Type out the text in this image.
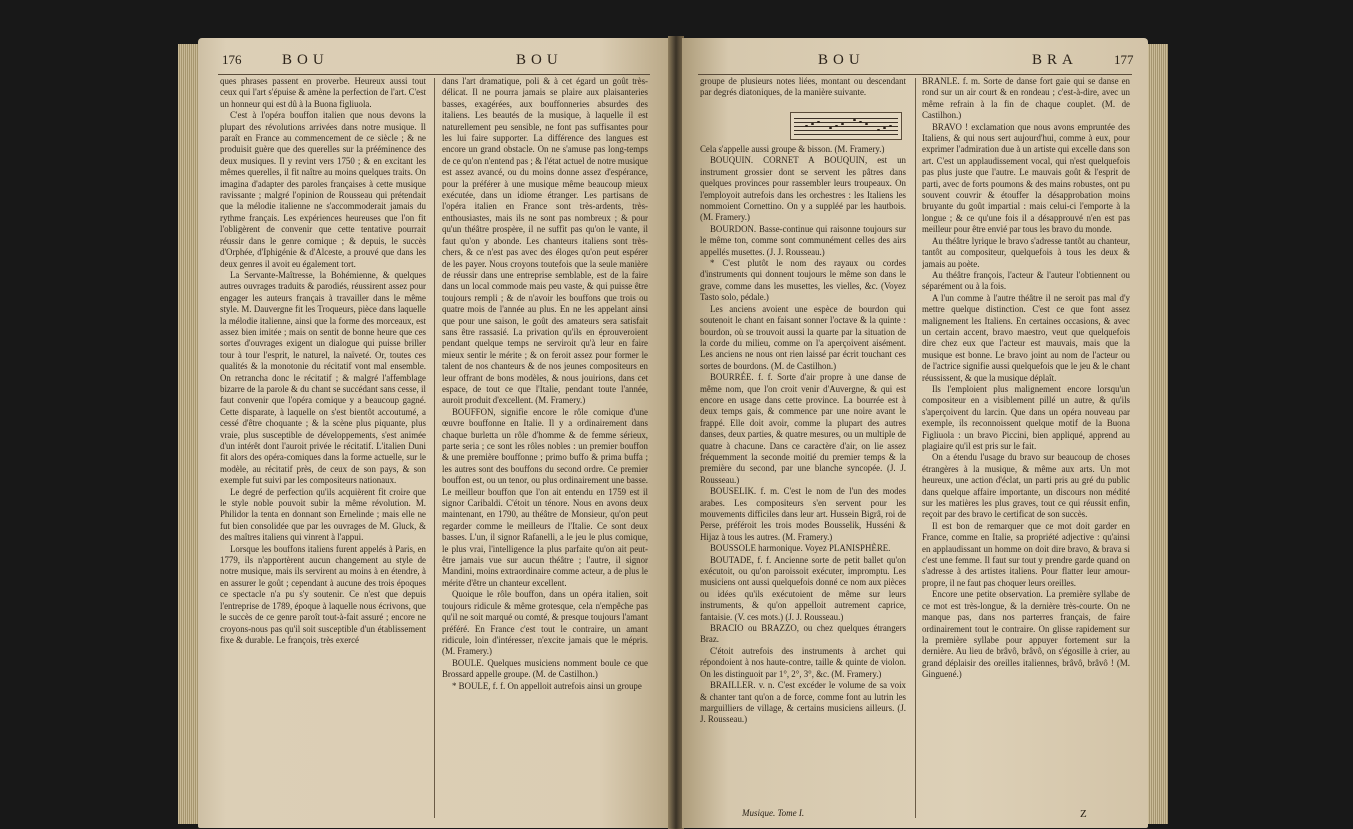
176	BOU	BOU

ques phrases passent en proverbe. Heureux aussi tout ceux qui l'art s'épuise & amène la perfection de l'art. C'est un honneur qui est dû à la Buona figliuola.

C'est à l'opéra bouffon italien que nous devons la plupart des révolutions arrivées dans notre musique. Il paraît en France au commencement de ce siècle ; & ne produisit guère que des querelles sur la prééminence des deux musiques. Il y revint vers 1750 ; & en excitant les mêmes querelles, il fit naître au moins quelques traits. On imagina d'adapter des paroles françaises à cette musique ravissante ; malgré l'opinion de Rousseau qui prétendait que la mélodie italienne ne s'accommoderait jamais du rythme français. Les expériences heureuses que l'on fit l'obligèrent de convenir que cette tentative pourrait réussir dans le genre comique ; & depuis, le succès d'Orphée, d'Iphigénie & d'Alceste, a prouvé que dans les deux genres il avoit eu également tort.

La Servante-Maîtresse, la Bohémienne, & quelques autres ouvrages traduits & parodiés, réussirent assez pour engager les auteurs français à travailler dans le même style. M. Dauvergne fit les Troqueurs, pièce dans laquelle la mélodie italienne, ainsi que la forme des morceaux, est assez bien imitée ; mais on sentit de bonne heure que ces sortes d'ouvrages exigent un dialogue qui puisse briller tour à tour l'esprit, le naturel, la naïveté. Or, toutes ces qualités & la monotonie du récitatif vont mal ensemble. On retrancha donc le récitatif ; & malgré l'affemblage bizarre de la parole & du chant se succédant sans cesse, il faut convenir que l'opéra comique y a beaucoup gagné. Cette disparate, à laquelle on s'est bientôt accoutumé, a cessé d'être choquante ; & la scène plus piquante, plus vraie, plus susceptible de développements, s'est animée d'un intérêt dont l'auroit privée le récitatif. L'italien Duni fit alors des opéra-comiques dans la forme actuelle, sur le modèle, au récitatif près, de ceux de son pays, & son exemple fut suivi par les compositeurs nationaux.

Le degré de perfection qu'ils acquièrent fit croire que le style noble pouvoit subir la même révolution. M. Philidor la tenta en donnant son Ernelinde ; mais elle ne fut bien consolidée que par les ouvrages de M. Gluck, & des maîtres italiens qui vinrent à l'appui.

Lorsque les bouffons italiens furent appelés à Paris, en 1779, ils n'apportèrent aucun changement au style de notre musique, mais ils servirent au moins à en étendre, à en assurer le goût ; cependant à aucune des trois époques ce spectacle n'a pu s'y soutenir. Ce n'est que depuis l'entreprise de 1789, époque à laquelle nous écrivons, que le succès de ce genre paroît tout-à-fait assuré ; encore ne croyons-nous pas qu'il soit susceptible d'un établissement fixe & durable. Le françois, très exercé

dans l'art dramatique, poli & à cet égard un goût très-délicat. Il ne pourra jamais se plaire aux plaisanteries basses, exagérées, aux bouffonneries absurdes des italiens. Les beautés de la musique, à laquelle il est naturellement peu sensible, ne font pas suffisantes pour les lui faire supporter. La différence des langues est encore un grand obstacle. On ne s'amuse pas long-temps de ce qu'on n'entend pas ; & l'état actuel de notre musique est assez avancé, ou du moins donne assez d'espérance, pour la préférer à une musique même beaucoup mieux exécutée, dans un idiome étranger. Les partisans de l'opéra italien en France sont très-ardents, très-enthousiastes, mais ils ne sont pas nombreux ; & pour qu'un théâtre prospère, il ne suffit pas qu'on le vante, il faut qu'on y abonde. Les chanteurs italiens sont très-chers, & ce n'est pas avec des éloges qu'on peut espérer de les payer. Nous croyons toutefois que la seule manière de réussir dans une entreprise semblable, est de la faire dans un local commode mais peu vaste, & qui puisse être toujours rempli ; & de n'avoir les bouffons que trois ou quatre mois de l'année au plus. En ne les appelant ainsi que pour une saison, le goût des amateurs sera satisfait sans être rassasié. La privation qu'ils en éprouveroient pendant quelque temps ne serviroit qu'à leur en faire mieux sentir le mérite ; & on feroit assez pour former le talent de nos chanteurs & de nos jeunes compositeurs en leur offrant de bons modèles, & nous jouirions, dans cet espace, de tout ce que l'Italie, pendant toute l'année, auroit produit d'excellent. (M. Framery.)

BOUFFON, signifie encore le rôle comique d'une œuvre bouffonne en Italie. Il y a ordinairement dans chaque burletta un rôle d'homme & de femme sérieux, parte seria ; ce sont les rôles nobles : un premier bouffon & une première bouffonne ; primo buffo & prima buffa ; les autres sont des bouffons du second ordre. Ce premier bouffon est, ou un tenor, ou plus ordinairement une basse. Le meilleur bouffon que l'on ait entendu en 1759 est il signor Caribaldi. C'étoit un ténore. Nous en avons deux maintenant, en 1790, au théâtre de Monsieur, qu'on peut regarder comme le meilleurs de l'Italie. Ce sont deux basses. L'un, il signor Rafanelli, a le jeu le plus comique, le plus vrai, l'intelligence la plus parfaite qu'on ait peut-être jamais vue sur aucun théâtre ; l'autre, il signor Mandini, moins extraordinaire comme acteur, a de plus le mérite d'être un chanteur excellent.

Quoique le rôle bouffon, dans un opéra italien, soit toujours ridicule & même grotesque, cela n'empêche pas qu'il ne soit marqué ou comté, & presque toujours l'amant préféré. En France c'est tout le contraire, un amant ridicule, loin d'intéresser, n'excite jamais que le mépris. (M. Framery.)

BOULE. Quelques musiciens nomment boule ce que Brossard appelle groupe. (M. de Castilhon.)

* BOULE, f. f. On appelloit autrefois ainsi un groupe

BOU	BRA	177

groupe de plusieurs notes liées, montant ou descendant par degrés diatoniques, de la manière suivante.

Cela s'appelle aussi groupe & bisson. (M. Framery.)

BOUQUIN. CORNET A BOUQUIN, est un instrument grossier dont se servent les pâtres dans quelques provinces pour rassembler leurs troupeaux. On l'employoit autrefois dans les orchestres : les Italiens les nommoient Cornettino. On y a suppléé par les hautbois. (M. Framery.)

BOURDON. Basse-continue qui raisonne toujours sur le même ton, comme sont communément celles des airs appellés musettes. (J. J. Rousseau.)

* C'est plutôt le nom des rayaux ou cordes d'instruments qui donnent toujours le même son dans le grave, comme dans les musettes, les vielles, &c. (Voyez Tasto solo, pédale.)

Les anciens avoient une espèce de bourdon qui soutenoit le chant en faisant sonner l'octave & la quinte : bourdon, où se trouvoit aussi la quarte par la situation de la corde du milieu, comme on l'a aperçoivent aisément. Les anciens ne nous ont rien laissé par écrit touchant ces sortes de bourdons. (M. de Castilhon.)

BOURRÉE. f. f. Sorte d'air propre à une danse de même nom, que l'on croit venir d'Auvergne, & qui est encore en usage dans cette province. La bourrée est à deux temps gais, & commence par une noire avant le frappé. Elle doit avoir, comme la plupart des autres danses, deux parties, & quatre mesures, ou un multiple de quatre à chacune. Dans ce caractère d'air, on lie assez fréquemment la seconde moitié du premier temps & la première du second, par une blanche syncopée. (J. J. Rousseau.)

BOUSELIK. f. m. C'est le nom de l'un des modes arabes. Les compositeurs s'en servent pour les mouvements difficiles dans leur art. Hussein Bigrâ, roi de Perse, préféroit les trois modes Bousselik, Husséni & Hijaz à tous les autres. (M. Framery.)

BOUSSOLE harmonique. Voyez PLANISPHÈRE.

BOUTADE, f. f. Ancienne sorte de petit ballet qu'on exécutoit, ou qu'on paroissoit exécuter, impromptu. Les musiciens ont aussi quelquefois donné ce nom aux pièces ou idées qu'ils exécutoient de même sur leurs instruments, & qu'on appelloit autrement caprice, fantaisie. (V. ces mots.) (J. J. Rousseau.)

BRACIO ou BRAZZO, ou chez quelques étrangers Braz.

C'étoit autrefois des instruments à archet qui répondoient à nos haute-contre, taille & quinte de violon. On les distinguoit par 1°, 2°, 3°, &c. (M. Framery.)

BRAILLER. v. n. C'est excéder le volume de sa voix & chanter tant qu'on a de force, comme font au lutrin les marguilliers de village, & certains musiciens ailleurs. (J. J. Rousseau.)

Musique. Tome I.

BRANLE. f. m. Sorte de danse fort gaie qui se danse en rond sur un air court & en rondeau ; c'est-à-dire, avec un même refrain à la fin de chaque couplet. (M. de Castilhon.)

BRAVO ! exclamation que nous avons empruntée des Italiens, & qui nous sert aujourd'hui, comme à eux, pour exprimer l'admiration due à un artiste qui excelle dans son art. C'est un applaudissement vocal, qui n'est quelquefois pas plus juste que l'autre. Le mauvais goût & l'esprit de parti, avec de forts poumons & des mains robustes, ont pu souvent couvrir & étouffer la désapprobation moins bruyante du goût impartial : mais celui-ci l'emporte à la longue ; & ce qu'une fois il a désapprouvé n'en est pas meilleur pour être envié par tous les bravo du monde.

Au théâtre lyrique le bravo s'adresse tantôt au chanteur, tantôt au compositeur, quelquefois à tous les deux & jamais au poète.

Au théâtre françois, l'acteur & l'auteur l'obtiennent ou séparément ou à la fois.

A l'un comme à l'autre théâtre il ne seroit pas mal d'y mettre quelque distinction. C'est ce que font assez malignement les Italiens. En certaines occasions, & avec un certain accent, bravo maestro, veut que quelquefois dire chez eux que l'acteur est mauvais, mais que la musique est bonne. Le bravo joint au nom de l'acteur ou de l'actrice signifie aussi quelquefois que le jeu & le chant réussissent, & que la musique déplaît.

Ils l'emploient plus malignement encore lorsqu'un compositeur en a visiblement pillé un autre, & qu'ils s'aperçoivent du larcin. Que dans un opéra nouveau par exemple, ils reconnoissent quelque motif de la Buona Figliuola : un bravo Piccini, bien appliqué, apprend au plagiaire qu'il est pris sur le fait.

On a étendu l'usage du bravo sur beaucoup de choses étrangères à la musique, & même aux arts. Un mot heureux, une action d'éclat, un parti pris au gré du public dans quelque affaire importante, un discours non médité sur les matières les plus graves, tout ce qui réussit enfin, reçoit par des bravo le certificat de son succès.

Il est bon de remarquer que ce mot doit garder en France, comme en Italie, sa propriété adjective : qu'ainsi en applaudissant un homme on doit dire bravo, & brava si c'est une femme. Il faut sur tout y prendre garde quand on s'adresse à des artistes italiens. Pour flatter leur amour-propre, il ne faut pas choquer leurs oreilles.

Encore une petite observation. La première syllabe de ce mot est très-longue, & la dernière très-courte. On ne manque pas, dans nos parterres français, de faire ordinairement tout le contraire. On glisse rapidement sur la première syllabe pour appuyer fortement sur la dernière. Au lieu de brâvô, brâvô, on s'égosille à crier, au grand déplaisir des oreilles italiennes, brâvô, brâvô ! (M. Ginguené.)

Z
